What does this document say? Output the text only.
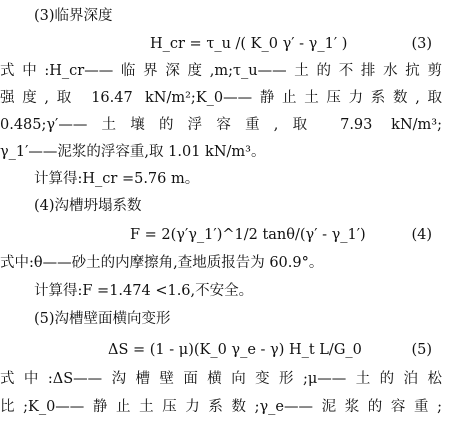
(3)临界深度
H_cr = τ_u /( K_0 γ′ - γ_1′ )	(3)
式中:H_cr——临界深度,m;τ_u——土的不排水抗剪
强度,取 16.47 kN/m²;K_0——静止土压力系数,取
0.485;γ′——土壤的浮容重,取 7.93 kN/m³;
γ_1′——泥浆的浮容重,取 1.01 kN/m³。
计算得:H_cr =5.76 m。
(4)沟槽坍塌系数
F = 2(γ′γ_1′)^1/2 tanθ/(γ′ - γ_1′)	(4)
式中:θ——砂土的内摩擦角,查地质报告为 60.9°。
计算得:F =1.474 <1.6,不安全。
(5)沟槽壁面横向变形
ΔS = (1 - μ)(K_0 γ_e - γ) H_t L/G_0	(5)
式中:ΔS——沟槽壁面横向变形;μ——土的泊松
比;K_0——静止土压力系数;γ_e——泥浆的容重;
